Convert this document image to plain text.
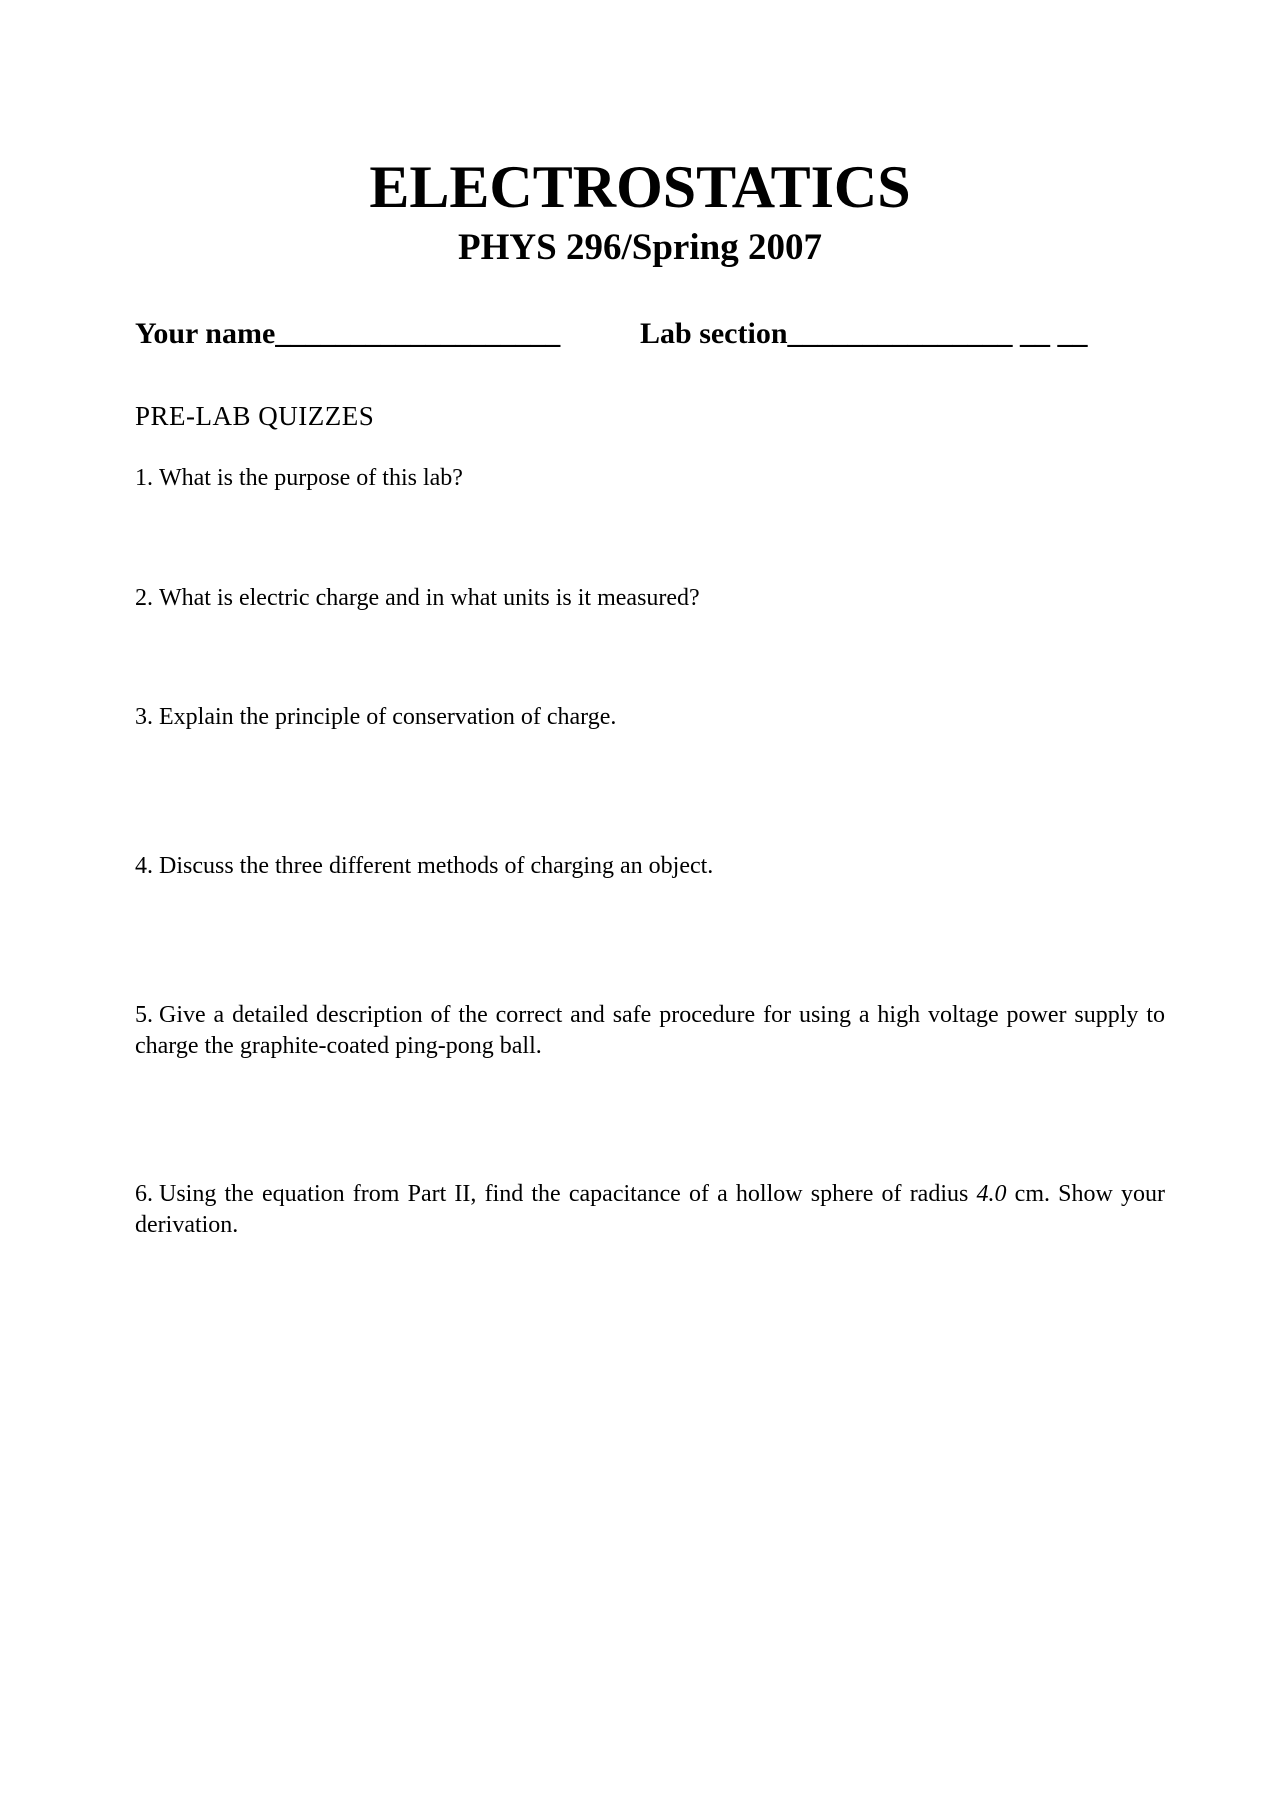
ELECTROSTATICS
PHYS 296/Spring 2007
Your name___________________	Lab section_______________ __ __
PRE-LAB QUIZZES

1. What is the purpose of this lab?

2. What is electric charge and in what units is it measured?

3. Explain the principle of conservation of charge.

4. Discuss the three different methods of charging an object.

5. Give a detailed description of the correct and safe procedure for using a high voltage power supply to charge the graphite-coated ping-pong ball.

6. Using the equation from Part II, find the capacitance of a hollow sphere of radius 4.0 cm. Show your derivation.
